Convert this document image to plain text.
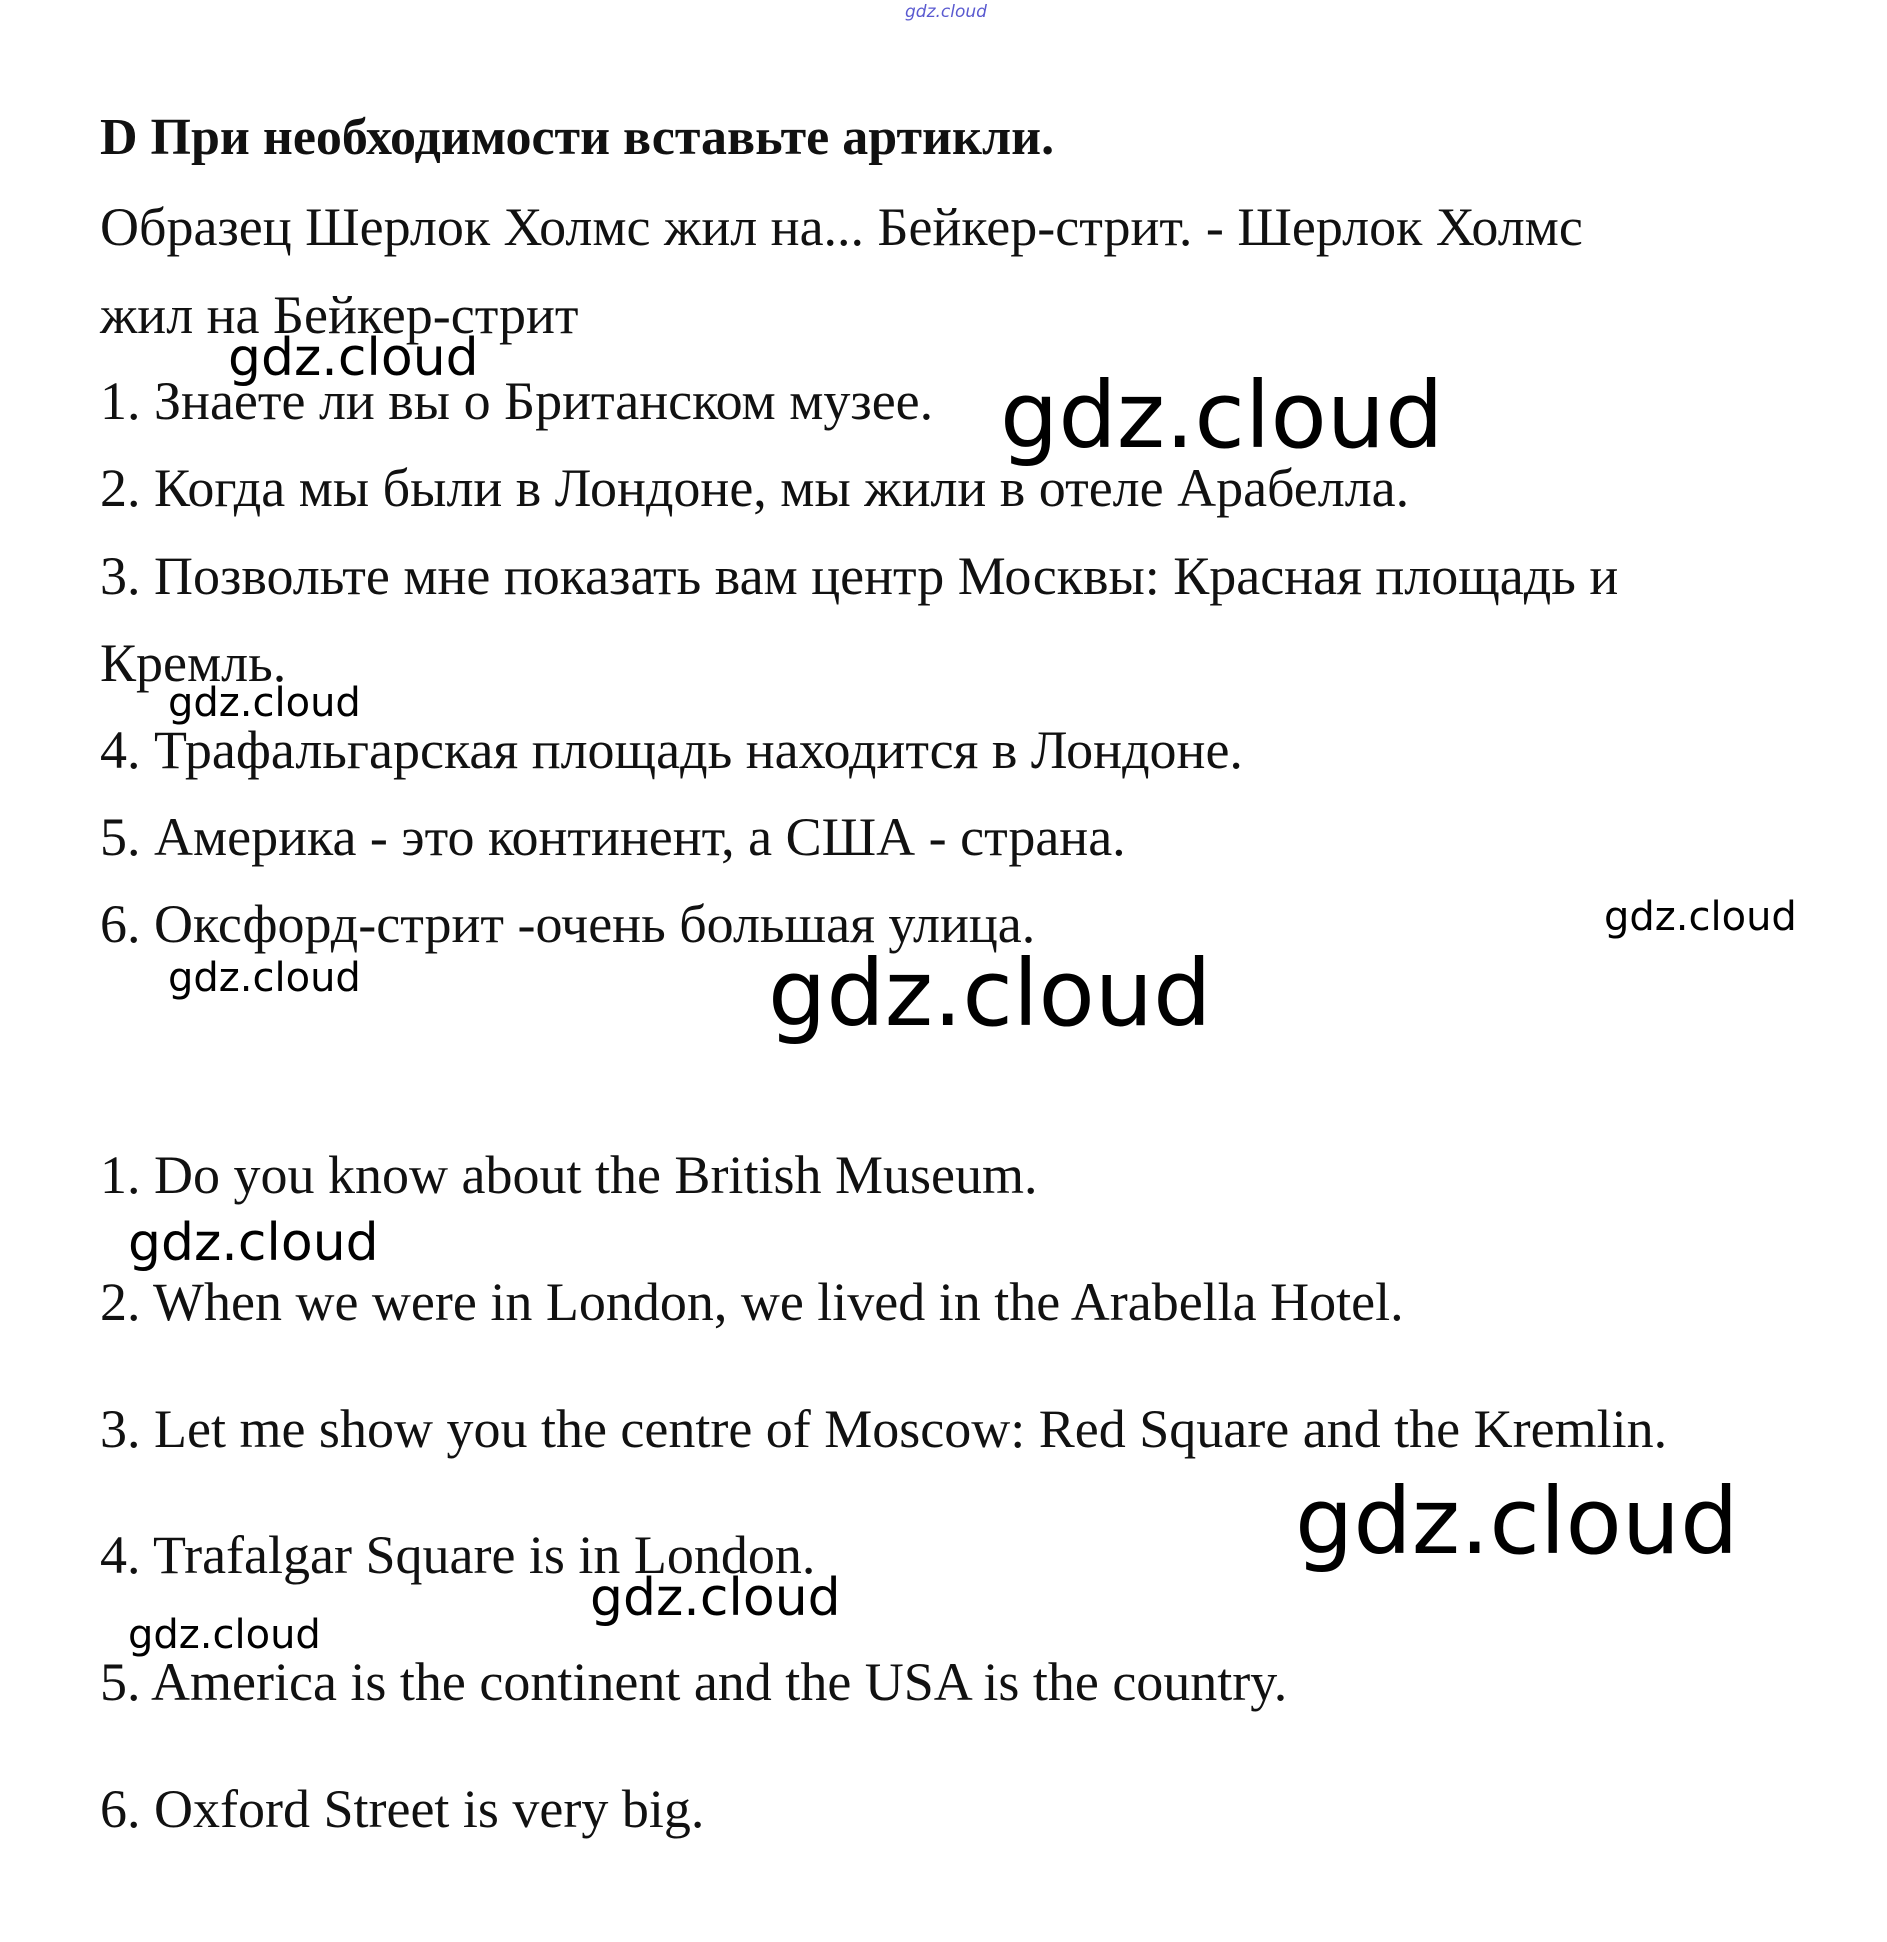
gdz.cloud
D При необходимости вставьте артикли.
Образец Шерлок Холмс жил на... Бейкер-стрит. - Шерлок Холмс
жил на Бейкер-стрит
1. Знаете ли вы о Британском музее.
2. Когда мы были в Лондоне, мы жили в отеле Арабелла.
3. Позвольте мне показать вам центр Москвы: Красная площадь и
Кремль.
4. Трафальгарская площадь находится в Лондоне.
5. Америка - это континент, а США - страна.
6. Оксфорд-стрит -очень большая улица.
1. Do you know about the British Museum.
2. When we were in London, we lived in the Arabella Hotel.
3. Let me show you the centre of Moscow: Red Square and the Kremlin.
4. Trafalgar Square is in London.
5. America is the continent and the USA is the country.
6. Oxford Street is very big.
gdz.cloud
gdz.cloud
gdz.cloud
gdz.cloud
gdz.cloud	gdz.cloud
gdz.cloud
gdz.cloud
gdz.cloud
gdz.cloud
